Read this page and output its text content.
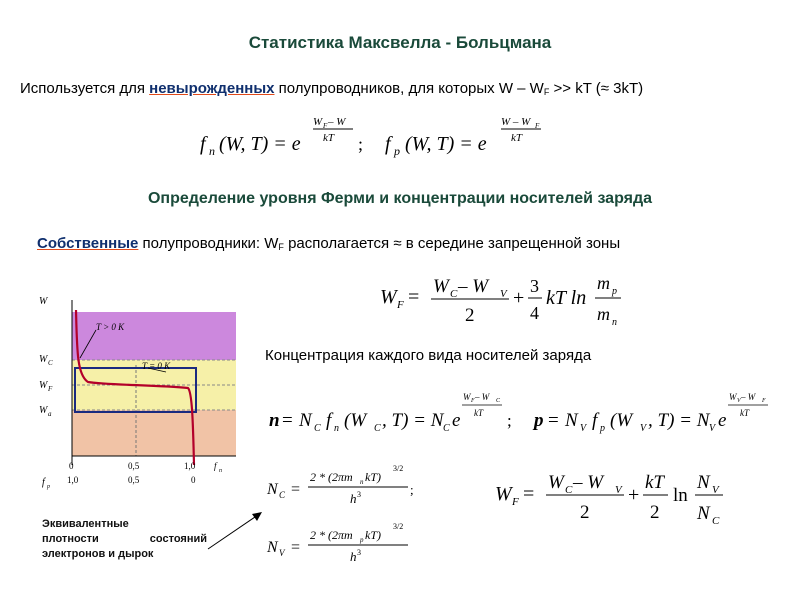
Статистика Максвелла - Больцмана
Используется для невырожденных полупроводников, для которых W – $W_F$ >> kT (≈ 3kT)
f n (W, T) = e
W F – W
kT ; f p (W, T) = e
W – W F
kT
Определение уровня Ферми и концентрации носителей заряда
Собственные полупроводники: $W_F$ располагается ≈ в середине запрещенной зоны
W F = W C – W V
2
+
3
4
kT ln
m p
m n
W
W C
W F
W a
T > 0 K
T = 0 K
f n
0	0,5	1,0
f p
1,0	0,5	0
Концентрация каждого вида носителей заряда
n = N C f n (W C , T) = N C e
W F – W C
kT ; p = N V f p (W V , T) = N V e
W V – W F
kT
N C =
2 * (2πm n kT)
3/2
h 3	;
N V =
2 * (2πm p kT)
3/2
h 3
W F =
W C – W V
2
+
kT
2
ln
N V
N C
Эквивалентные
плотности	состояний
электронов и дырок
